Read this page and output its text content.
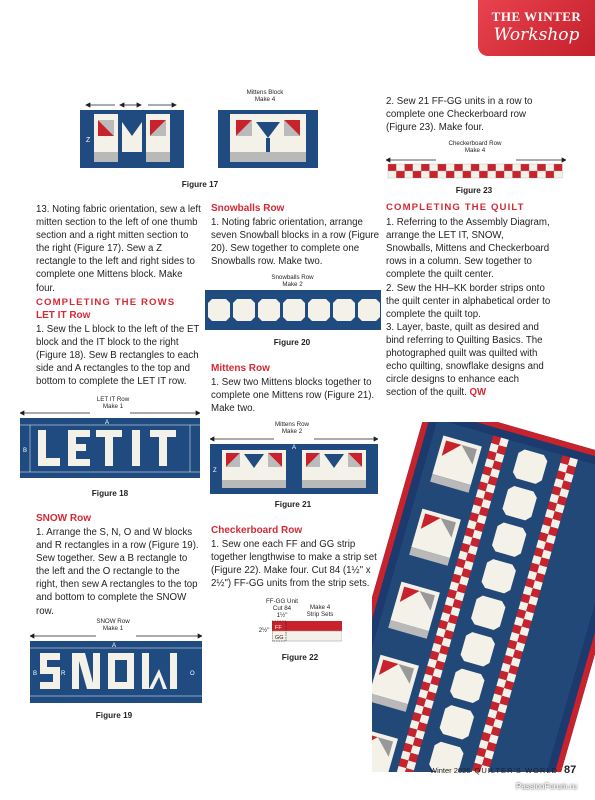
THE WINTER
Workshop
Mittens Block
Make 4
Z
Figure 17

2. Sew 21 FF-GG units in a row to complete one Checkerboard row (Figure 23). Make four.

Checkerboard Row
Make 4
Figure 23
COMPLETING THE QUILT

1. Referring to the Assembly Diagram, arrange the LET IT, SNOW, Snowballs, Mittens and Checkerboard rows in a column. Sew together to complete the quilt center.

2. Sew the HH–KK border strips onto the quilt center in alphabetical order to complete the quilt top.

3. Layer, baste, quilt as desired and bind referring to Quilting Basics. The photographed quilt was quilted with echo quilting, snowflake designs and circle designs to enhance each section of the quilt. QW

13. Noting fabric orientation, sew a left mitten section to the left of one thumb section and a right mitten section to the right (Figure 17). Sew a Z rectangle to the left and right sides to complete one Mittens block. Make four.

COMPLETING THE ROWS
LET IT Row

1. Sew the L block to the left of the ET block and the IT block to the right (Figure 18). Sew B rectangles to each side and A rectangles to the top and bottom to complete the LET IT row.

LET IT Row
Make 1
A
B
Figure 18
SNOW Row

1. Arrange the S, N, O and W blocks and R rectangles in a row (Figure 19). Sew together. Sew a B rectangle to the left and the O rectangle to the right, then sew A rectangles to the top and bottom to complete the SNOW row.

SNOW Row
Make 1
A
B	R	O
Figure 19
Snowballs Row

1. Noting fabric orientation, arrange seven Snowball blocks in a row (Figure 20). Sew together to complete one Snowballs row. Make two.

Snowballs Row
Make 2
Figure 20
Mittens Row

1. Sew two Mittens blocks together to complete one Mittens row (Figure 21). Make two.

Mittens Row
Make 2
A
Z
Figure 21
Checkerboard Row

1. Sew one each FF and GG strip together lengthwise to make a strip set (Figure 22). Make four. Cut 84 (1½" x 2½") FF-GG units from the strip sets.

FF-GG Unit
Cut 84
1½"
Make 4
Strip Sets
2½"	FF
GG
Figure 22
Winter 2026 QUILTER'S WORLD 87
PassionForum.ru
